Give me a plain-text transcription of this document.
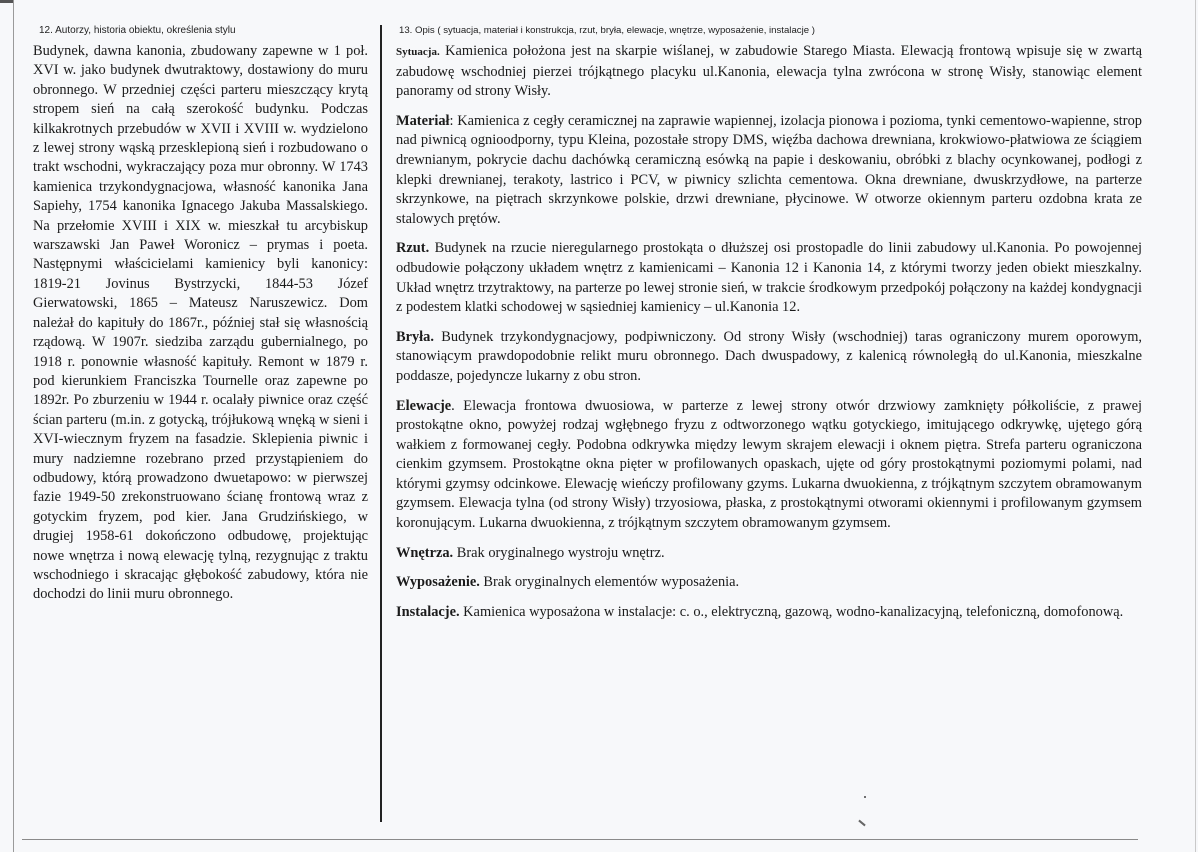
12. Autorzy, historia obiektu, określenia stylu

Budynek, dawna kanonia, zbudowany zapewne w 1 poł. XVI w. jako budynek dwutraktowy, dostawiony do muru obronnego. W przedniej części parteru mieszczący krytą stropem sień na całą szerokość budynku. Podczas kilkakrotnych przebudów w XVII i XVIII w. wydzielono z lewej strony wąską przesklepioną sień i rozbudowano o trakt wschodni, wykraczający poza mur obronny. W 1743 kamienica trzykondygnacjowa, własność kanonika Jana Sapiehy, 1754 kanonika Ignacego Jakuba Massalskiego. Na przełomie XVIII i XIX w. mieszkał tu arcybiskup warszawski Jan Paweł Woronicz – prymas i poeta. Następnymi właścicielami kamienicy byli kanonicy: 1819-21 Jovinus Bystrzycki, 1844-53 Józef Gierwatowski, 1865 – Mateusz Naruszewicz. Dom należał do kapituły do 1867r., później stał się własnością rządową. W 1907r. siedziba zarządu gubernialnego, po 1918 r. ponownie własność kapituły. Remont w 1879 r. pod kierunkiem Franciszka Tournelle oraz zapewne po 1892r. Po zburzeniu w 1944 r. ocalały piwnice oraz część ścian parteru (m.in. z gotycką, trójłukową wnęką w sieni i XVI-wiecznym fryzem na fasadzie. Sklepienia piwnic i mury nadziemne rozebrano przed przystąpieniem do odbudowy, którą prowadzono dwuetapowo: w pierwszej fazie 1949-50 zrekonstruowano ścianę frontową wraz z gotyckim fryzem, pod kier. Jana Grudzińskiego, w drugiej 1958-61 dokończono odbudowę, projektując nowe wnętrza i nową elewację tylną, rezygnując z traktu wschodniego i skracając głębokość zabudowy, która nie dochodzi do linii muru obronnego.

13. Opis ( sytuacja, materiał i konstrukcja, rzut, bryła, elewacje, wnętrze, wyposażenie, instalacje )

Sytuacja. Kamienica położona jest na skarpie wiślanej, w zabudowie Starego Miasta. Elewacją frontową wpisuje się w zwartą zabudowę wschodniej pierzei trójkątnego placyku ul.Kanonia, elewacja tylna zwrócona w stronę Wisły, stanowiąc element panoramy od strony Wisły.

Materiał: Kamienica z cegły ceramicznej na zaprawie wapiennej, izolacja pionowa i pozioma, tynki cementowo-wapienne, strop nad piwnicą ognioodporny, typu Kleina, pozostałe stropy DMS, więźba dachowa drewniana, krokwiowo-płatwiowa ze ściągiem drewnianym, pokrycie dachu dachówką ceramiczną esówką na papie i deskowaniu, obróbki z blachy ocynkowanej, podłogi z klepki drewnianej, terakoty, lastrico i PCV, w piwnicy szlichta cementowa. Okna drewniane, dwuskrzydłowe, na parterze skrzynkowe, na piętrach skrzynkowe polskie, drzwi drewniane, płycinowe. W otworze okiennym parteru ozdobna krata ze stalowych prętów.

Rzut. Budynek na rzucie nieregularnego prostokąta o dłuższej osi prostopadle do linii zabudowy ul.Kanonia. Po powojennej odbudowie połączony układem wnętrz z kamienicami – Kanonia 12 i Kanonia 14, z którymi tworzy jeden obiekt mieszkalny. Układ wnętrz trzytraktowy, na parterze po lewej stronie sień, w trakcie środkowym przedpokój połączony na każdej kondygnacji z podestem klatki schodowej w sąsiedniej kamienicy – ul.Kanonia 12.

Bryła. Budynek trzykondygnacjowy, podpiwniczony. Od strony Wisły (wschodniej) taras ograniczony murem oporowym, stanowiącym prawdopodobnie relikt muru obronnego. Dach dwuspadowy, z kalenicą równoległą do ul.Kanonia, mieszkalne poddasze, pojedyncze lukarny z obu stron.

Elewacje. Elewacja frontowa dwuosiowa, w parterze z lewej strony otwór drzwiowy zamknięty półkoliście, z prawej prostokątne okno, powyżej rodzaj wgłębnego fryzu z odtworzonego wątku gotyckiego, imitującego odkrywkę, ujętego górą wałkiem z formowanej cegły. Podobna odkrywka między lewym skrajem elewacji i oknem piętra. Strefa parteru ograniczona cienkim gzymsem. Prostokątne okna pięter w profilowanych opaskach, ujęte od góry prostokątnymi poziomymi polami, nad którymi gzymsy odcinkowe. Elewację wieńczy profilowany gzyms. Lukarna dwuokienna, z trójkątnym szczytem obramowanym gzymsem. Elewacja tylna (od strony Wisły) trzyosiowa, płaska, z prostokątnymi otworami okiennymi i profilowanym gzymsem koronującym. Lukarna dwuokienna, z trójkątnym szczytem obramowanym gzymsem.

Wnętrza. Brak oryginalnego wystroju wnętrz.

Wyposażenie. Brak oryginalnych elementów wyposażenia.

Instalacje. Kamienica wyposażona w instalacje: c. o., elektryczną, gazową, wodno-kanalizacyjną, telefoniczną, domofonową.
